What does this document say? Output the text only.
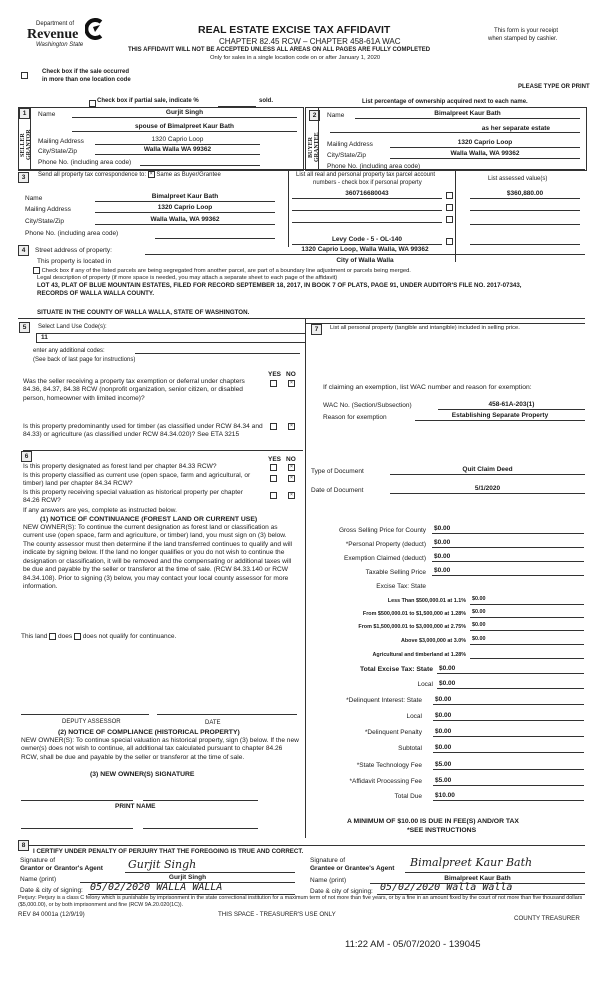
Department of
Revenue
Washington State
REAL ESTATE EXCISE TAX AFFIDAVIT
CHAPTER 82.45 RCW – CHAPTER 458-61A WAC
THIS AFFIDAVIT WILL NOT BE ACCEPTED UNLESS ALL AREAS ON ALL PAGES ARE FULLY COMPLETED
Only for sales in a single location code on or after January 1, 2020
This form is your receipt
when stamped by cashier.
Check box if the sale occurred
in more than one location code
PLEASE TYPE OR PRINT
Check box if partial sale, indicate %	sold.	List percentage of ownership acquired next to each name.
1
SELLER GRANTOR
Name	Gurjit Singh
spouse of Bimalpreet Kaur Bath
Mailing Address	1320 Caprio Loop
City/State/Zip	Walla Walla WA 99362
Phone No. (including area code)
2
BUYER GRANTEE
Name	Bimalpreet Kaur Bath
as her separate estate
Mailing Address	1320 Caprio Loop
City/State/Zip	Walla Walla, WA 99362
Phone No. (including area code)
3	Send all property tax correspondence to: × Same as Buyer/Grantee
Name	Bimalpreet Kaur Bath
Mailing Address	1320 Caprio Loop
City/State/Zip	Walla Walla, WA 99362
Phone No. (including area code)
List all real and personal property tax parcel account
numbers - check box if personal property
List assessed value(s)
360716680043
Levy Code - 5 - OL-140
$360,880.00
4	Street address of property:	1320 Caprio Loop, Walla Walla, WA 99362
This property is located in	City of Walla Walla
Check box if any of the listed parcels are being segregated from another parcel, are part of a boundary line adjustment or parcels being merged.
Legal description of property (if more space is needed, you may attach a separate sheet to each page of the affidavit)
LOT 43, PLAT OF BLUE MOUNTAIN ESTATES, FILED FOR RECORD SEPTEMBER 18, 2017, IN BOOK 7 OF PLATS, PAGE 91, UNDER AUDITOR'S FILE NO. 2017-07343,
RECORDS OF WALLA WALLA COUNTY.
SITUATE IN THE COUNTY OF WALLA WALLA, STATE OF WASHINGTON.
5	Select Land Use Code(s):
11
enter any additional codes:
(See back of last page for instructions)
YES NO
Was the seller receiving a property tax exemption or deferral under chapters 84.36, 84.37, 84.38 RCW (nonprofit organization, senior citizen, or disabled person, homeowner with limited income)?
×
Is this property predominantly used for timber (as classified under RCW 84.34 and 84.33) or agriculture (as classified under RCW 84.34.020)? See ETA 3215
×
6	YES NO
Is this property designated as forest land per chapter 84.33 RCW?	×
Is this property classified as current use (open space, farm and agricultural, or timber) land per chapter 84.34 RCW?
×
Is this property receiving special valuation as historical property per chapter 84.26 RCW?
×
If any answers are yes, complete as instructed below.
(1) NOTICE OF CONTINUANCE (FOREST LAND OR CURRENT USE)
NEW OWNER(S): To continue the current designation as forest land or classification as current use (open space, farm and agriculture, or timber) land, you must sign on (3) below. The county assessor must then determine if the land transferred continues to qualify and will indicate by signing below. If the land no longer qualifies or you do not wish to continue the designation or classification, it will be removed and the compensating or additional taxes will be due and payable by the seller or transferor at the time of sale. (RCW 84.33.140 or RCW 84.34.108). Prior to signing (3) below, you may contact your local county assessor for more information.
This land does does not qualify for continuance.
DEPUTY ASSESSOR	DATE
(2) NOTICE OF COMPLIANCE (HISTORICAL PROPERTY)
NEW OWNER(S): To continue special valuation as historical property, sign (3) below. If the new owner(s) does not wish to continue, all additional tax calculated pursuant to chapter 84.26 RCW, shall be due and payable by the seller or transferor at the time of sale.
(3) NEW OWNER(S) SIGNATURE
PRINT NAME
7	List all personal property (tangible and intangible) included in selling price.
If claiming an exemption, list WAC number and reason for exemption:
WAC No. (Section/Subsection)	458-61A-203(1)
Reason for exemption	Establishing Separate Property
Type of Document	Quit Claim Deed
Date of Document	5/1/2020
Gross Selling Price for County	$0.00
*Personal Property (deduct)	$0.00
Exemption Claimed (deduct)	$0.00
Taxable Selling Price	$0.00
Excise Tax: State
Less Than $500,000.01 at 1.1%	$0.00
From $500,000.01 to $1,500,000 at 1.28%	$0.00
From $1,500,000.01 to $3,000,000 at 2.75%	$0.00
Above $3,000,000 at 3.0%	$0.00
Agricultural and timberland at 1.28%
Total Excise Tax: State $0.00
Local $0.00
*Delinquent Interest: State	$0.00
Local	$0.00
*Delinquent Penalty	$0.00
Subtotal	$0.00
*State Technology Fee	$5.00
*Affidavit Processing Fee	$5.00
Total Due	$10.00
A MINIMUM OF $10.00 IS DUE IN FEE(S) AND/OR TAX
*SEE INSTRUCTIONS
8
I CERTIFY UNDER PENALTY OF PERJURY THAT THE FOREGOING IS TRUE AND CORRECT.
Signature of
Grantor or Grantor's Agent Gurjit Singh
Name (print)	Gurjit Singh
Date & city of signing: 05/02/2020 WALLA WALLA
Signature of
Grantee or Grantee's Agent Bimalpreet Kaur Bath
Name (print)	Bimalpreet Kaur Bath
Date & city of signing: 05/02/2020 Walla Walla
Perjury: Perjury is a class C felony which is punishable by imprisonment in the state correctional institution for a maximum term of not more than five years, or by a fine in an amount fixed by the court of not more than five thousand dollars ($5,000.00), or by both imprisonment and fine (RCW 9A.20.020(1C)).
REV 84 0001a (12/9/19)	THIS SPACE - TREASURER'S USE ONLY
COUNTY TREASURER
11:22 AM - 05/07/2020 - 139045
